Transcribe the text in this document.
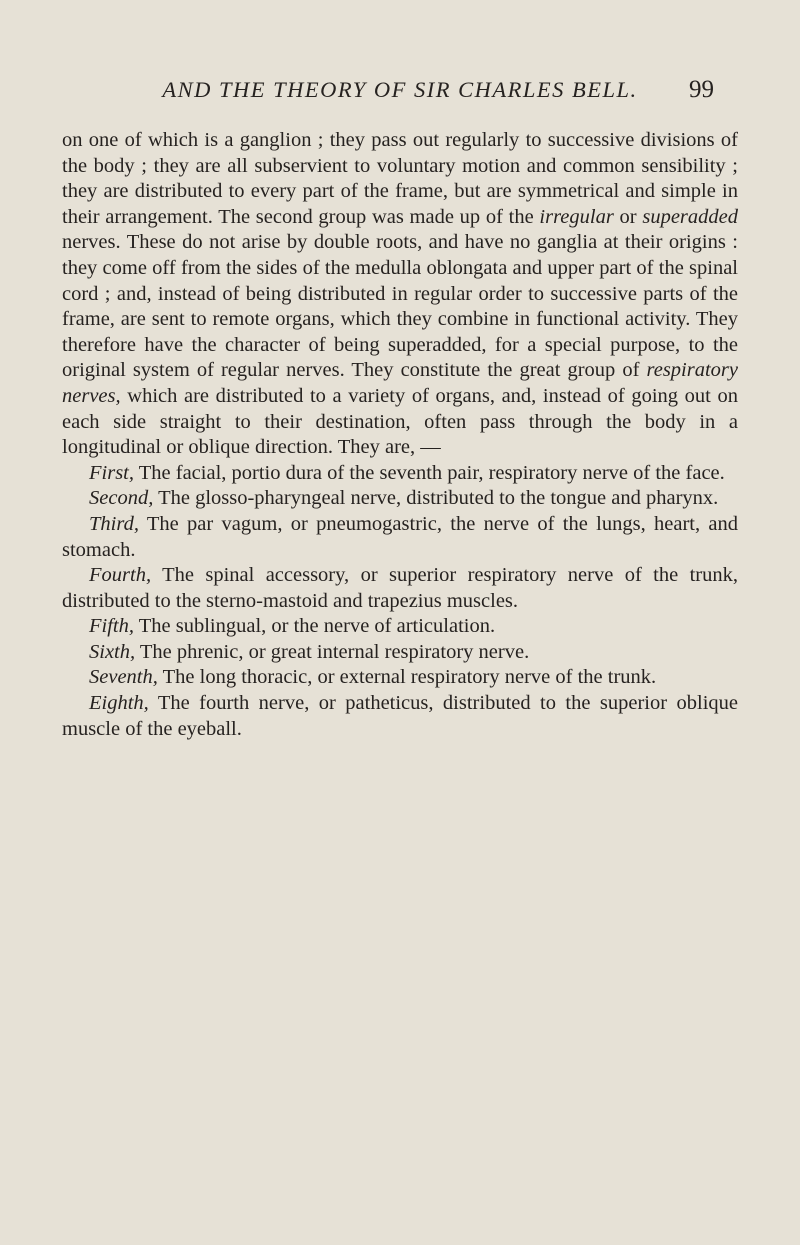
AND THE THEORY OF SIR CHARLES BELL.	99

on one of which is a ganglion ; they pass out regularly to successive divisions of the body ; they are all subservient to voluntary motion and common sensibility ; they are distributed to every part of the frame, but are symmetrical and simple in their arrangement. The second group was made up of the irregular or superadded nerves. These do not arise by double roots, and have no ganglia at their origins : they come off from the sides of the medulla oblongata and upper part of the spinal cord ; and, instead of being distributed in regular order to successive parts of the frame, are sent to remote organs, which they combine in functional activity. They therefore have the character of being superadded, for a special purpose, to the original system of regular nerves. They constitute the great group of respiratory nerves, which are distributed to a variety of organs, and, instead of going out on each side straight to their destination, often pass through the body in a longitudinal or oblique direction. They are, —

First, The facial, portio dura of the seventh pair, respiratory nerve of the face.

Second, The glosso-pharyngeal nerve, distributed to the tongue and pharynx.

Third, The par vagum, or pneumogastric, the nerve of the lungs, heart, and stomach.

Fourth, The spinal accessory, or superior respiratory nerve of the trunk, distributed to the sterno-mastoid and trapezius muscles.

Fifth, The sublingual, or the nerve of articulation.

Sixth, The phrenic, or great internal respiratory nerve.

Seventh, The long thoracic, or external respiratory nerve of the trunk.

Eighth, The fourth nerve, or patheticus, distributed to the superior oblique muscle of the eyeball.
